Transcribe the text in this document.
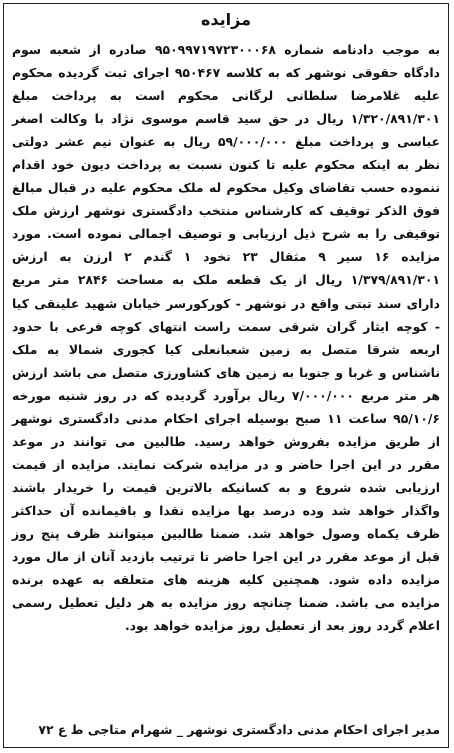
مزایده
به موجب دادنامه شماره ۹۵۰۹۹۷۱۹۷۲۳۰۰۰۶۸ صادره از شعبه سوم دادگاه حقوقی نوشهر که به کلاسه ۹۵۰۴۶۷ اجرای ثبت گردیده محکوم علیه غلامرضا سلطانی لرگانی محکوم است به پرداخت مبلغ ۱/۳۲۰/۸۹۱/۳۰۱ ریال در حق سید قاسم موسوی نژاد با وکالت اصغر عباسی و پرداخت مبلغ ۵۹/۰۰۰/۰۰۰ ریال به عنوان نیم عشر دولتی نظر به اینکه محکوم علیه تا کنون نسبت به پرداخت دیون خود اقدام ننموده حسب تقاضای وکیل محکوم له ملک محکوم علیه در قبال مبالغ فوق الذکر توقیف که کارشناس منتخب دادگستری نوشهر ارزش ملک توقیفی را به شرح ذیل ارزیابی و توصیف اجمالی نموده است. مورد مزایده ۱۶ سیر ۹ مثقال ۲۳ نخود ۱ گندم ۲ ارزن به ارزش ۱/۳۷۹/۸۹۱/۳۰۱ ریال از یک قطعه ملک به مساحت ۲۸۴۶ متر مربع دارای سند تبتی واقع در نوشهر - کورکورسر خیابان شهید علینقی کیا - کوچه ایثار گران شرقی سمت راست انتهای کوچه فرعی با حدود اربعه شرقا متصل به زمین شعبانعلی کیا کجوری شمالا به ملک ناشناس و غربا و جنوبا به زمین های کشاورزی متصل می باشد ارزش هر متر مربع ۷/۰۰۰/۰۰۰ ریال برآورد گردیده که در روز شنبه مورخه ۹۵/۱۰/۶ ساعت ۱۱ صبح بوسیله اجرای احکام مدنی دادگستری نوشهر از طریق مزایده بفروش خواهد رسید. طالبین می توانند در موعد مقرر در این اجرا حاضر و در مزایده شرکت نمایند. مزایده از قیمت ارزیابی شده شروع و به کسانیکه بالاترین قیمت را خریدار باشند واگذار خواهد شد وده درصد بها مزایده نقدا و باقیمانده آن حداکثر ظرف یکماه وصول خواهد شد. ضمنا طالبین میتوانند ظرف پنج روز قبل از موعد مقرر در این اجرا حاضر تا ترتیب بازدید آنان از مال مورد مزایده داده شود. همچنین کلیه هزینه های متعلقه به عهده برنده مزایده می باشد. ضمنا چنانچه روز مزایده به هر دلیل تعطیل رسمی اعلام گردد روز بعد از تعطیل روز مزایده خواهد بود.
مدیر اجرای احکام مدنی دادگستری نوشهر _ شهرام متاجی ط ع ۷۲
